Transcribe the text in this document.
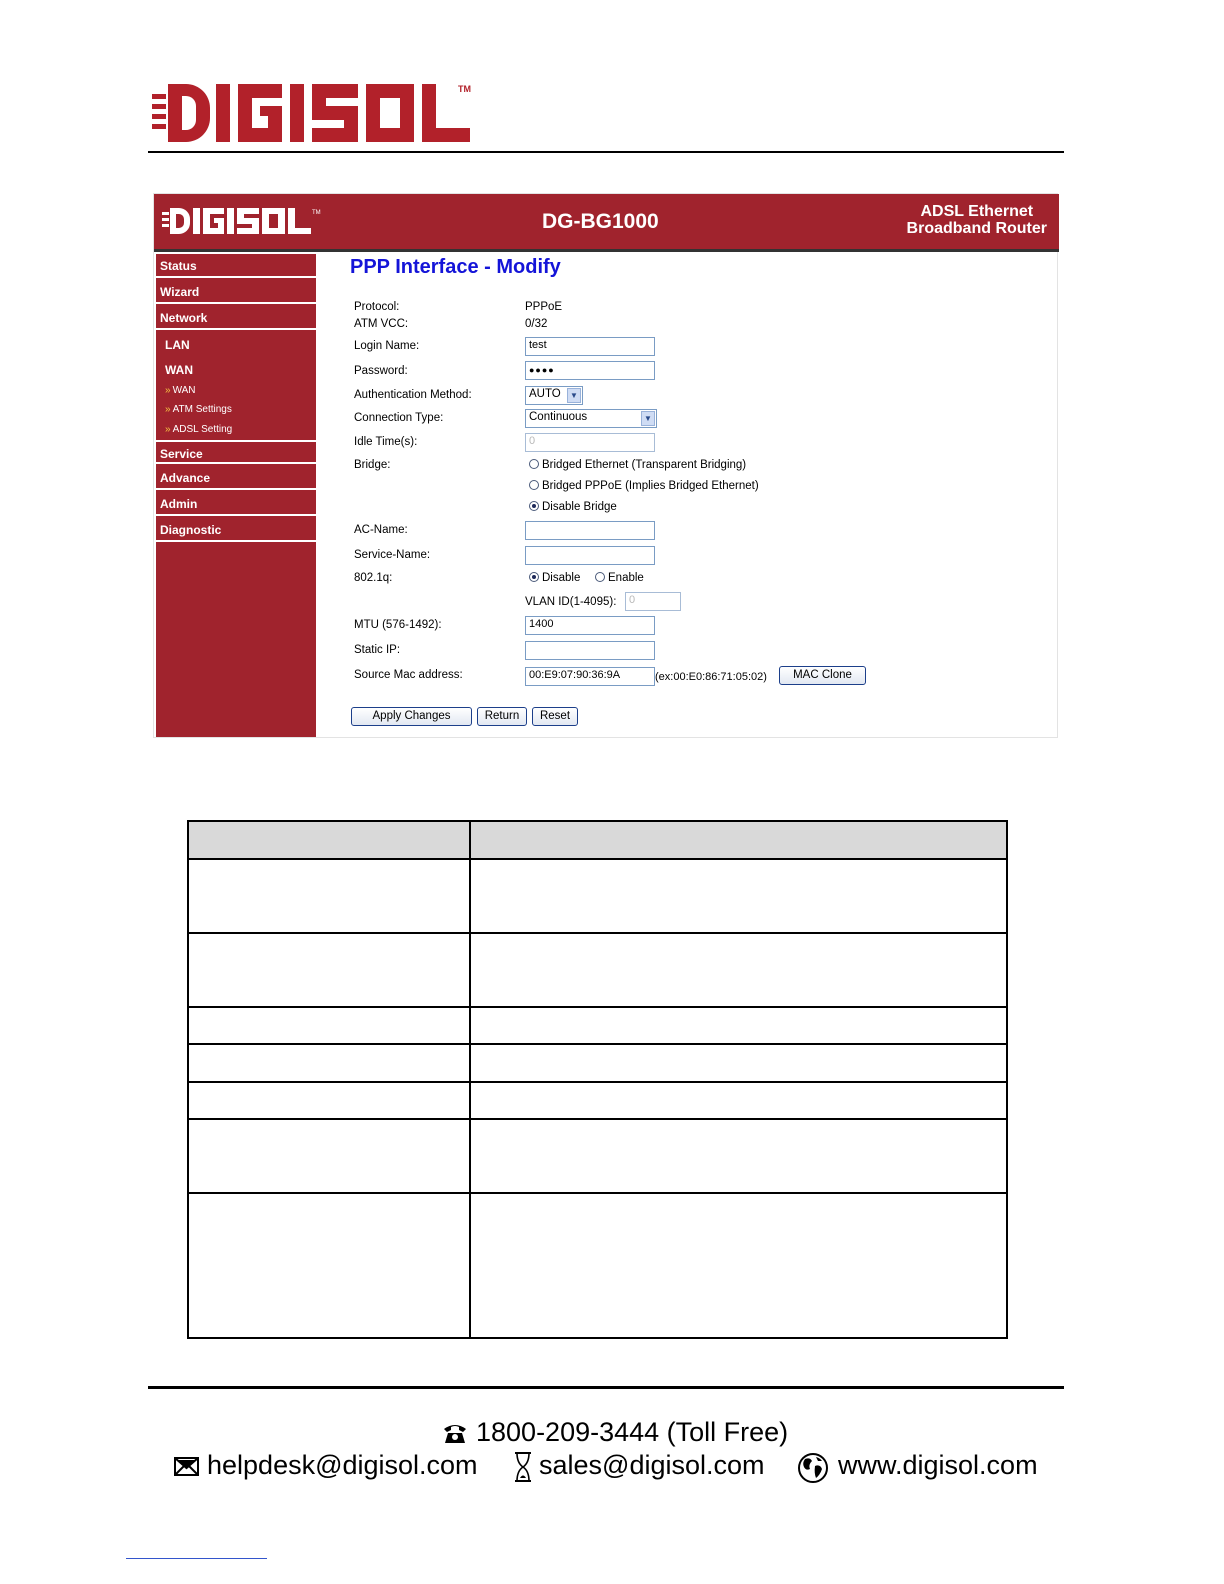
TM
TM	DG-BG1000	ADSL Ethernet
Broadband Router
Status
Wizard
Network
LAN
WAN
» WAN
» ATM Settings
» ADSL Setting
Service
Advance
Admin
Diagnostic
PPP Interface - Modify
Protocol:	PPPoE
ATM VCC:	0/32
Login Name:	test
Password:	●●●●
Authentication Method:	AUTO	▼
Connection Type:	Continuous	▼
Idle Time(s):	0
Bridge:	Bridged Ethernet (Transparent Bridging)
Bridged PPPoE (Implies Bridged Ethernet)
Disable Bridge
AC-Name:
Service-Name:
802.1q:	Disable	Enable
VLAN ID(1-4095):	0
MTU (576-1492):	1400
Static IP:
Source Mac address:	00:E9:07:90:36:9A	(ex:00:E0:86:71:05:02)	MAC Clone
Apply Changes	Return	Reset
1800-209-3444 (Toll Free)
helpdesk@digisol.com sales@digisol.com	www.digisol.com
